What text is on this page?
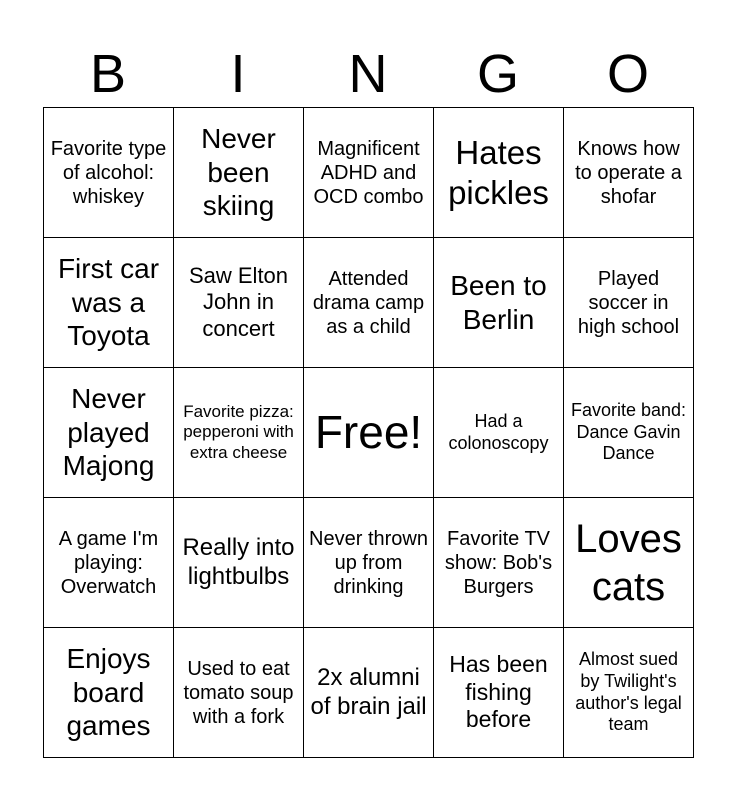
B	I	N	G	O
Favorite type of alcohol: whiskey	Never been skiing	Magnificent ADHD and OCD combo	Hates pickles	Knows how to operate a shofar
First car was a Toyota	Saw Elton John in concert	Attended drama camp as a child	Been to Berlin	Played soccer in high school
Never played Majong	Favorite pizza: pepperoni with extra cheese	Free!	Had a colonoscopy	Favorite band: Dance Gavin Dance
A game I'm playing: Overwatch	Really into lightbulbs	Never thrown up from drinking	Favorite TV show: Bob's Burgers	Loves cats
Enjoys board games	Used to eat tomato soup with a fork	2x alumni of brain jail	Has been fishing before	Almost sued by Twilight's author's legal team
